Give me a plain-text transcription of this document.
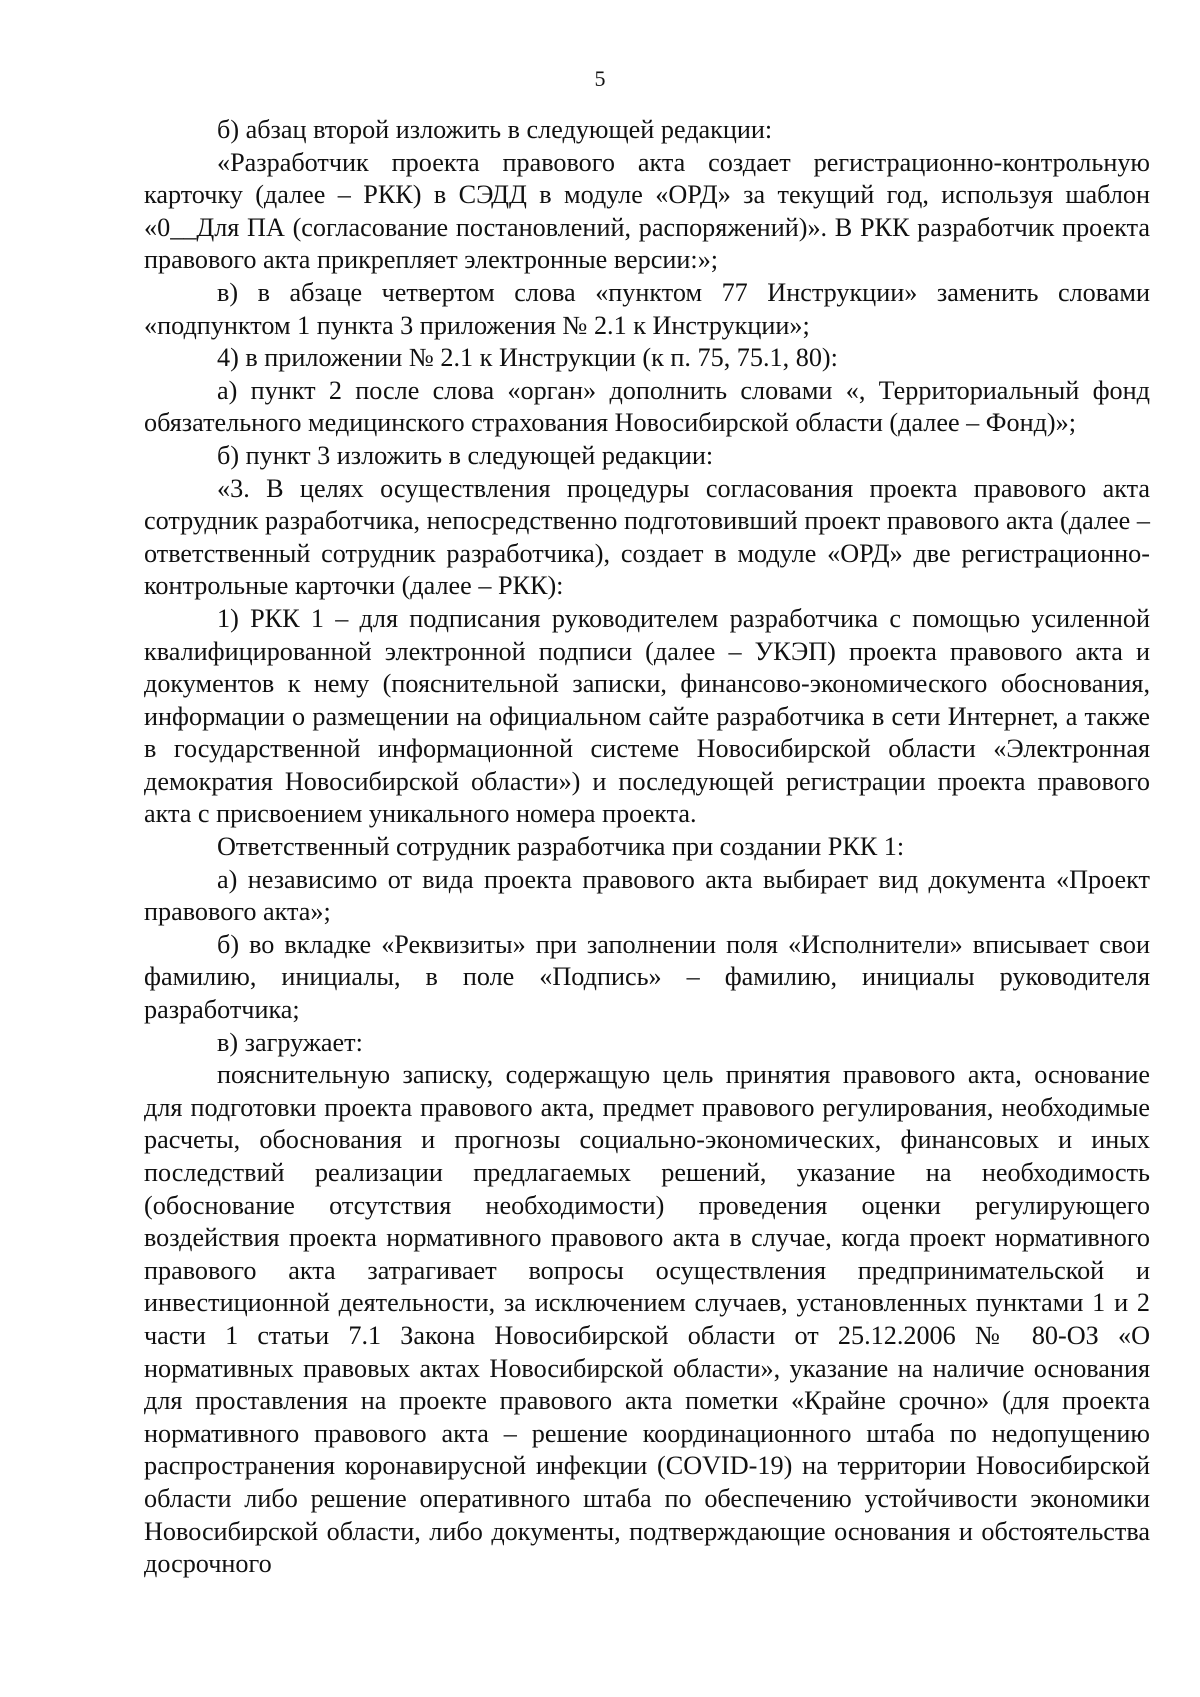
5

б) абзац второй изложить в следующей редакции:

«Разработчик проекта правового акта создает регистрационно-контрольную карточку (далее – РКК) в СЭДД в модуле «ОРД» за текущий год, используя шаблон «0__Для ПА (согласование постановлений, распоряжений)». В РКК разработчик проекта правового акта прикрепляет электронные версии:»;

в) в абзаце четвертом слова «пунктом 77 Инструкции» заменить словами «подпунктом 1 пункта 3 приложения № 2.1 к Инструкции»;

4) в приложении № 2.1 к Инструкции (к п. 75, 75.1, 80):

а) пункт 2 после слова «орган» дополнить словами «, Территориальный фонд обязательного медицинского страхования Новосибирской области (далее – Фонд)»;

б) пункт 3 изложить в следующей редакции:

«3. В целях осуществления процедуры согласования проекта правового акта сотрудник разработчика, непосредственно подготовивший проект правового акта (далее – ответственный сотрудник разработчика), создает в модуле «ОРД» две регистрационно-контрольные карточки (далее – РКК):

1) РКК 1 – для подписания руководителем разработчика с помощью усиленной квалифицированной электронной подписи (далее – УКЭП) проекта правового акта и документов к нему (пояснительной записки, финансово-экономического обоснования, информации о размещении на официальном сайте разработчика в сети Интернет, а также в государственной информационной системе Новосибирской области «Электронная демократия Новосибирской области») и последующей регистрации проекта правового акта с присвоением уникального номера проекта.

Ответственный сотрудник разработчика при создании РКК 1:

а) независимо от вида проекта правового акта выбирает вид документа «Проект правового акта»;

б) во вкладке «Реквизиты» при заполнении поля «Исполнители» вписывает свои фамилию, инициалы, в поле «Подпись» – фамилию, инициалы руководителя разработчика;

в) загружает:

пояснительную записку, содержащую цель принятия правового акта, основание для подготовки проекта правового акта, предмет правового регулирования, необходимые расчеты, обоснования и прогнозы социально-экономических, финансовых и иных последствий реализации предлагаемых решений, указание на необходимость (обоснование отсутствия необходимости) проведения оценки регулирующего воздействия проекта нормативного правового акта в случае, когда проект нормативного правового акта затрагивает вопросы осуществления предпринимательской и инвестиционной деятельности, за исключением случаев, установленных пунктами 1 и 2 части 1 статьи 7.1 Закона Новосибирской области от 25.12.2006 № 80-ОЗ «О нормативных правовых актах Новосибирской области», указание на наличие основания для проставления на проекте правового акта пометки «Крайне срочно» (для проекта нормативного правового акта – решение координационного штаба по недопущению распространения коронавирусной инфекции (COVID-19) на территории Новосибирской области либо решение оперативного штаба по обеспечению устойчивости экономики Новосибирской области, либо документы, подтверждающие основания и обстоятельства досрочного
